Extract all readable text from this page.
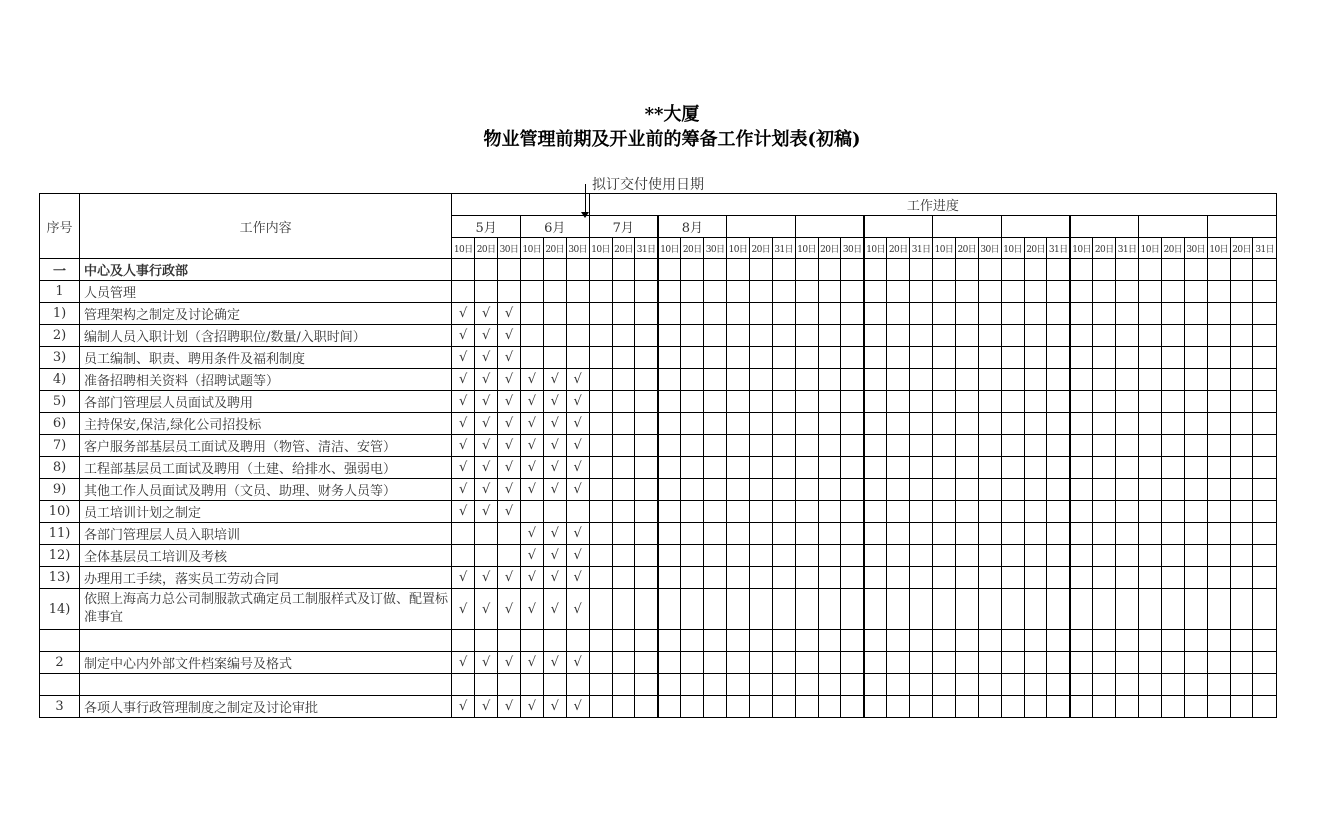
**大厦
物业管理前期及开业前的筹备工作计划表(初稿)
拟订交付使用日期
序号	工作内容							工作进度																													
		5月			6月			7月			8月																										
		10日	20日	30日	10日	20日	30日	10日	20日	31日	10日	20日	30日	10日	20日	31日	10日	20日	30日	10日	20日	31日	10日	20日	30日	10日	20日	31日	10日	20日	31日	10日	20日	30日	10日	20日	31日
一	中心及人事行政部																																				
1	人员管理																																				
1)	管理架构之制定及讨论确定	√	√	√																																	
2)	编制人员入职计划（含招聘职位/数量/入职时间）	√	√	√																																	
3)	员工编制、职责、聘用条件及福利制度	√	√	√																																	
4)	准备招聘相关资料（招聘试题等）	√	√	√	√	√	√																														
5)	各部门管理层人员面试及聘用	√	√	√	√	√	√																														
6)	主持保安,保洁,绿化公司招投标	√	√	√	√	√	√																														
7)	客户服务部基层员工面试及聘用（物管、清洁、安管）	√	√	√	√	√	√																														
8)	工程部基层员工面试及聘用（土建、给排水、强弱电）	√	√	√	√	√	√																														
9)	其他工作人员面试及聘用（文员、助理、财务人员等）	√	√	√	√	√	√																														
10)	员工培训计划之制定	√	√	√																																	
11)	各部门管理层人员入职培训				√	√	√																														
12)	全体基层员工培训及考核				√	√	√																														
13)	办理用工手续，落实员工劳动合同	√	√	√	√	√	√																														
14)	依照上海高力总公司制服款式确定员工制服样式及订做、配置标准事宜	√	√	√	√	√	√																														

2	制定中心内外部文件档案编号及格式	√	√	√	√	√	√																														

3	各项人事行政管理制度之制定及讨论审批	√	√	√	√	√	√																														
